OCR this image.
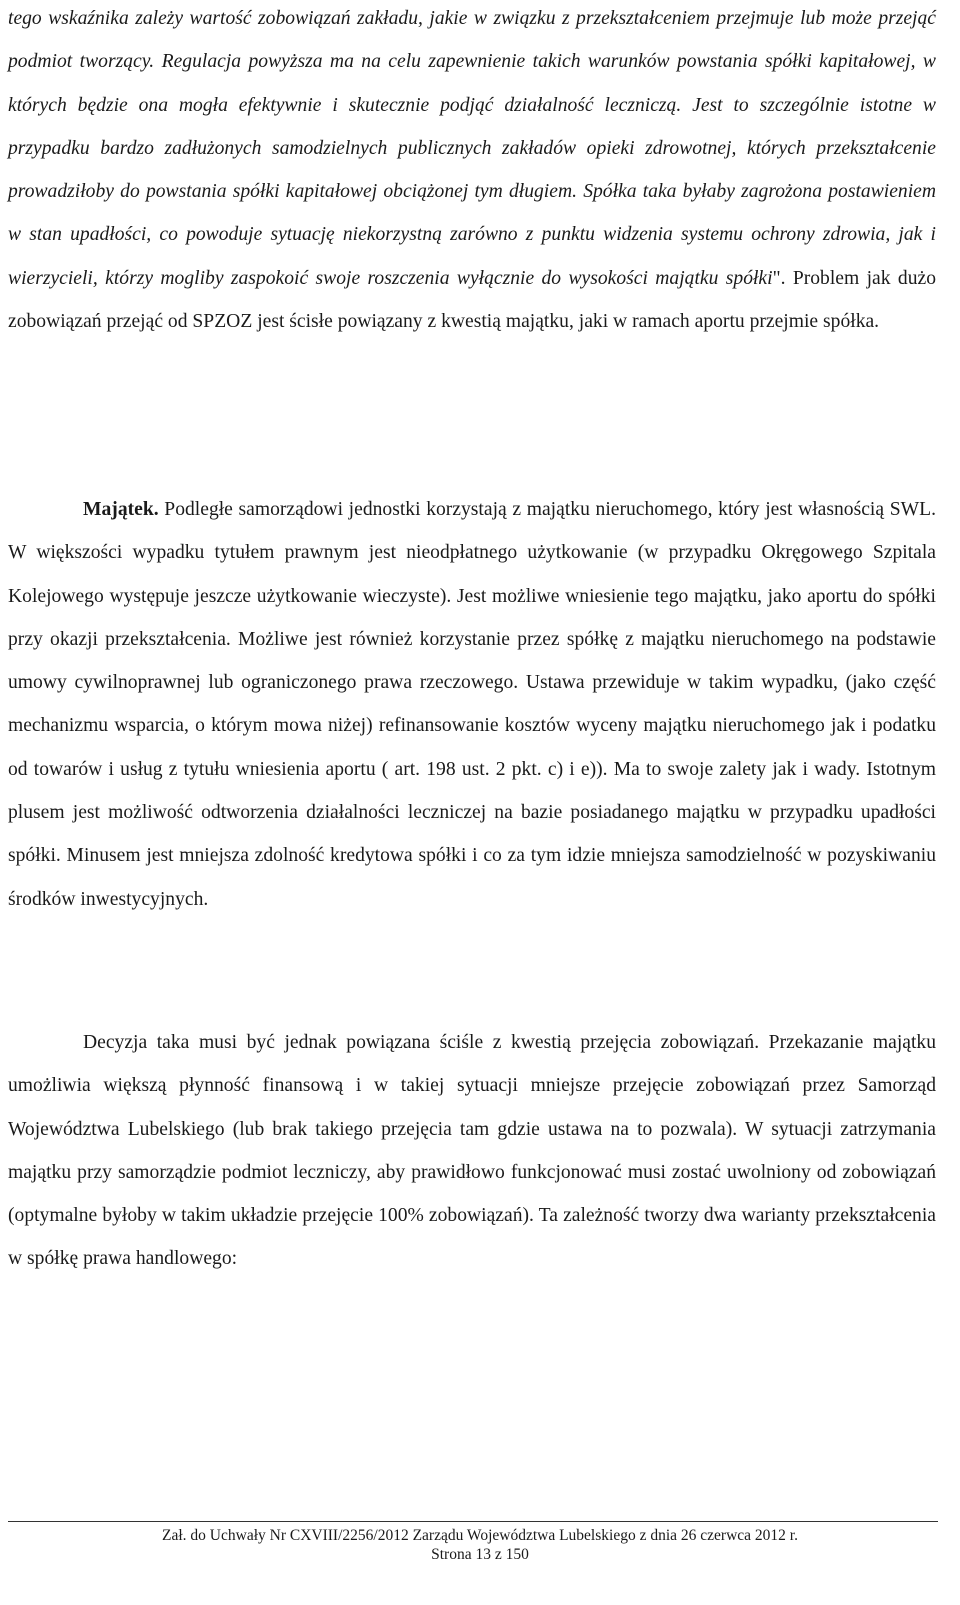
tego wskaźnika zależy wartość zobowiązań zakładu, jakie w związku z przekształceniem przejmuje lub może przejąć podmiot tworzący. Regulacja powyższa ma na celu zapewnienie takich warunków powstania spółki kapitałowej, w których będzie ona mogła efektywnie i skutecznie podjąć działalność leczniczą. Jest to szczególnie istotne w przypadku bardzo zadłużonych samodzielnych publicznych zakładów opieki zdrowotnej, których przekształcenie prowadziłoby do powstania spółki kapitałowej obciążonej tym długiem. Spółka taka byłaby zagrożona postawieniem w stan upadłości, co powoduje sytuację niekorzystną zarówno z punktu widzenia systemu ochrony zdrowia, jak i wierzycieli, którzy mogliby zaspokoić swoje roszczenia wyłącznie do wysokości majątku spółki". Problem jak dużo zobowiązań przejąć od SPZOZ jest ścisłe powiązany z kwestią majątku, jaki w ramach aportu przejmie spółka.

Majątek. Podległe samorządowi jednostki korzystają z majątku nieruchomego, który jest własnością SWL. W większości wypadku tytułem prawnym jest nieodpłatnego użytkowanie (w przypadku Okręgowego Szpitala Kolejowego występuje jeszcze użytkowanie wieczyste). Jest możliwe wniesienie tego majątku, jako aportu do spółki przy okazji przekształcenia. Możliwe jest również korzystanie przez spółkę z majątku nieruchomego na podstawie umowy cywilnoprawnej lub ograniczonego prawa rzeczowego. Ustawa przewiduje w takim wypadku, (jako część mechanizmu wsparcia, o którym mowa niżej) refinansowanie kosztów wyceny majątku nieruchomego jak i podatku od towarów i usług z tytułu wniesienia aportu ( art. 198 ust. 2 pkt. c) i e)). Ma to swoje zalety jak i wady. Istotnym plusem jest możliwość odtworzenia działalności leczniczej na bazie posiadanego majątku w przypadku upadłości spółki. Minusem jest mniejsza zdolność kredytowa spółki i co za tym idzie mniejsza samodzielność w pozyskiwaniu środków inwestycyjnych.

Decyzja taka musi być jednak powiązana ściśle z kwestią przejęcia zobowiązań. Przekazanie majątku umożliwia większą płynność finansową i w takiej sytuacji mniejsze przejęcie zobowiązań przez Samorząd Województwa Lubelskiego (lub brak takiego przejęcia tam gdzie ustawa na to pozwala). W sytuacji zatrzymania majątku przy samorządzie podmiot leczniczy, aby prawidłowo funkcjonować musi zostać uwolniony od zobowiązań (optymalne byłoby w takim układzie przejęcie 100% zobowiązań). Ta zależność tworzy dwa warianty przekształcenia w spółkę prawa handlowego:

Zał. do Uchwały Nr CXVIII/2256/2012 Zarządu Województwa Lubelskiego z dnia 26 czerwca 2012 r.
Strona 13 z 150
